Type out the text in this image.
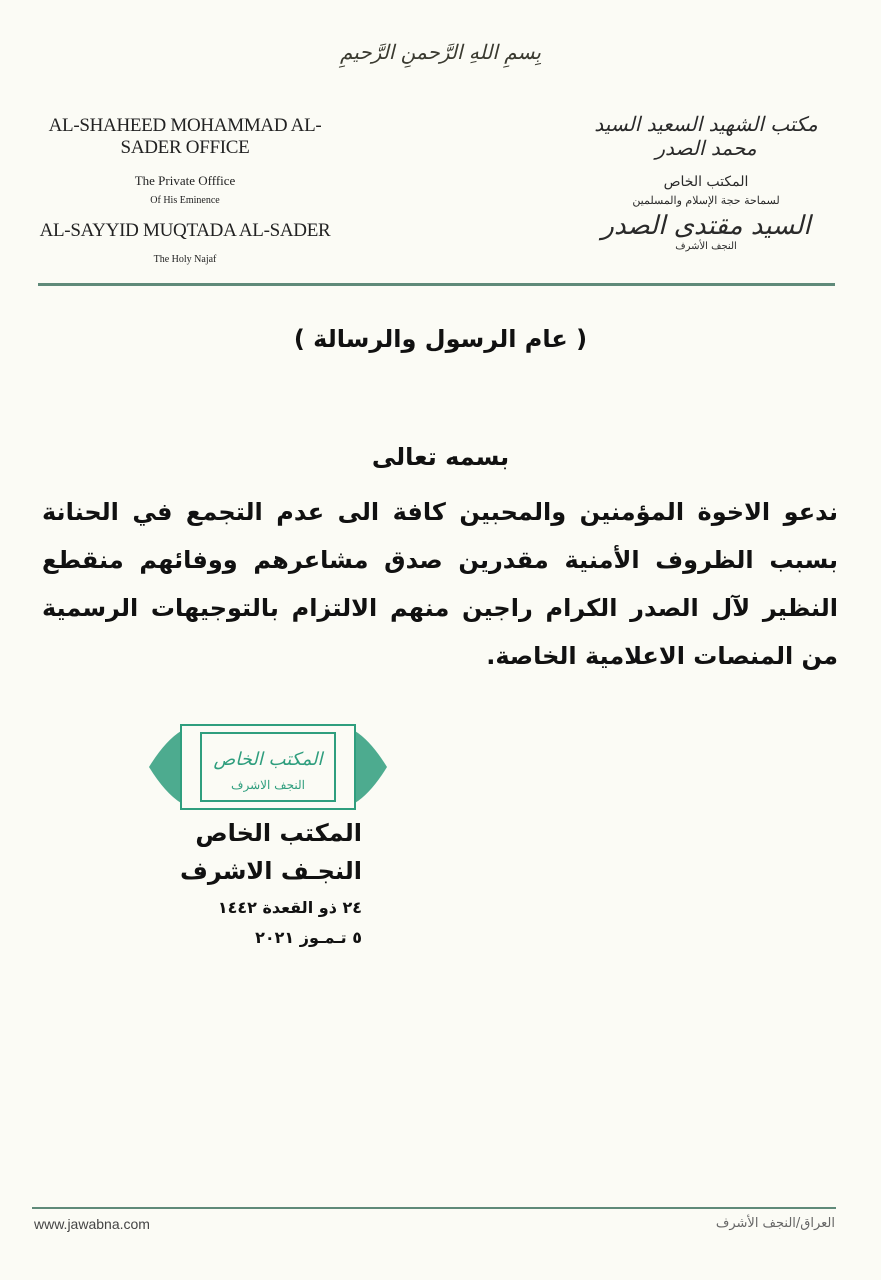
بِسمِ اللهِ الرَّحمنِ الرَّحيمِ
AL-SHAHEED MOHAMMAD AL-SADER OFFICE
The Private Offfice
Of His Eminence
AL-SAYYID MUQTADA AL-SADER
The Holy Najaf
مكتب الشهيد السعيد السيد محمد الصدر
المكتب الخاص
لسماحة حجة الإسلام والمسلمين
السيد مقتدى الصدر
النجف الأشرف
( عام الرسول والرسالة )
بسمه تعالى
ندعو الاخوة المؤمنين والمحبين كافة الى عدم التجمع في الحنانة بسبب الظروف الأمنية مقدرين صدق مشاعرهم ووفائهم منقطع النظير لآل الصدر الكرام راجين منهم الالتزام بالتوجيهات الرسمية من المنصات الاعلامية الخاصة.
المكتب الخاص
النجف الاشرف
المكتب الخاص
النجـف الاشرف
٢٤ ذو القعدة ١٤٤٢
٥ تـمـوز ٢٠٢١
www.jawabna.com	العراق/النجف الأشرف
